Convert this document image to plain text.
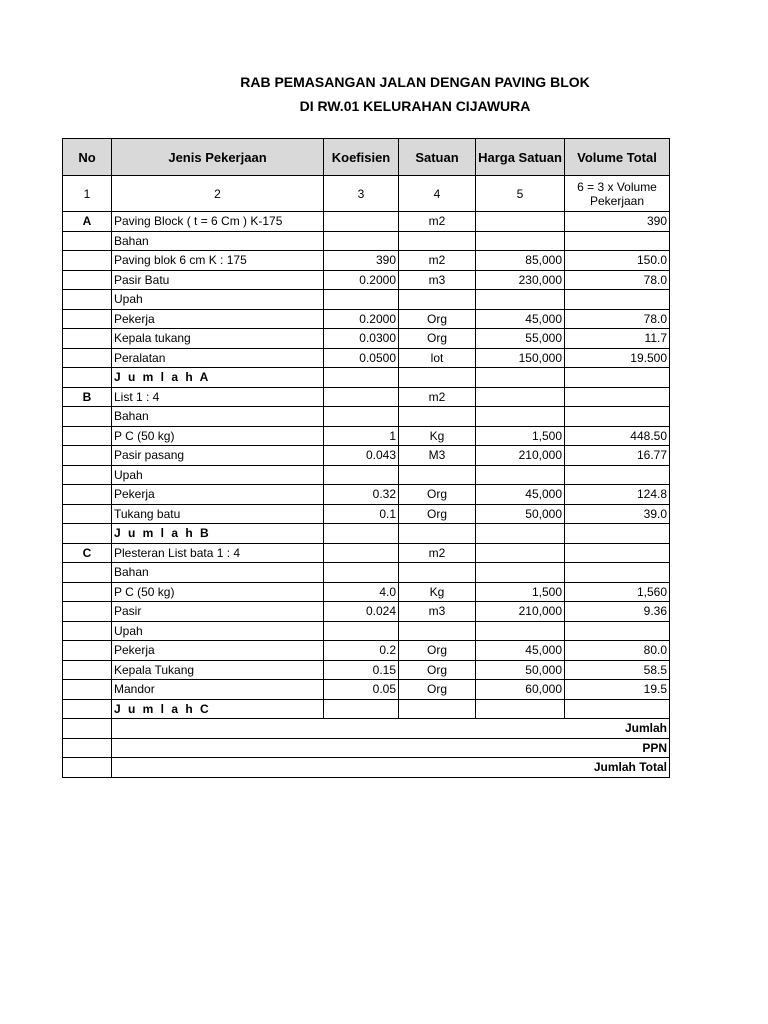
RAB PEMASANGAN JALAN DENGAN PAVING BLOK
DI RW.01 KELURAHAN CIJAWURA
No	Jenis Pekerjaan	Koefisien	Satuan	Harga Satuan	Volume Total
1	2	3	4	5	6 = 3 x Volume Pekerjaan
A	Paving Block ( t = 6 Cm ) K-175		m2		390
	Bahan				
	Paving blok 6 cm K : 175	390	m2	85,000	150.0
	Pasir Batu	0.2000	m3	230,000	78.0
	Upah				
	Pekerja	0.2000	Org	45,000	78.0
	Kepala tukang	0.0300	Org	55,000	11.7
	Peralatan	0.0500	lot	150,000	19.500
	J u m l a h A				
B	List 1 : 4		m2		
	Bahan				
	P C (50 kg)	1	Kg	1,500	448.50
	Pasir pasang	0.043	M3	210,000	16.77
	Upah				
	Pekerja	0.32	Org	45,000	124.8
	Tukang batu	0.1	Org	50,000	39.0
	J u m l a h B				
C	Plesteran List bata 1 : 4		m2		
	Bahan				
	P C (50 kg)	4.0	Kg	1,500	1,560
	Pasir	0.024	m3	210,000	9.36
	Upah				
	Pekerja	0.2	Org	45,000	80.0
	Kepala Tukang	0.15	Org	50,000	58.5
	Mandor	0.05	Org	60,000	19.5
	J u m l a h C				
	Jumlah				
	PPN				
	Jumlah Total				
